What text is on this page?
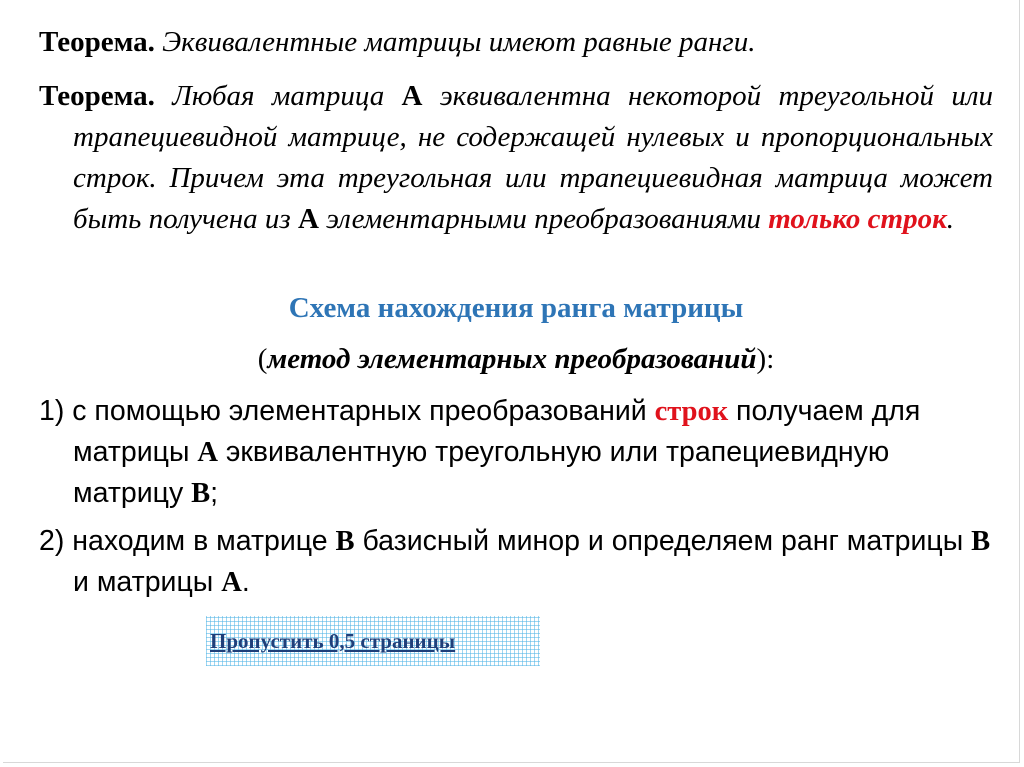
Теорема. Эквивалентные матрицы имеют равные ранги.

Теорема. Любая матрица А эквивалентна некоторой треугольной или трапециевидной матрице, не содержащей нулевых и пропорциональных строк. Причем эта треугольная или трапециевидная матрица может быть получена из А элементарными преобразованиями только строк.

Схема нахождения ранга матрицы

(метод элементарных преобразований):

1) с помощью элементарных преобразований строк получаем для матрицы А эквивалентную треугольную или трапециевидную матрицу В;

2) находим в матрице В базисный минор и определяем ранг матрицы В и матрицы А.

Пропустить 0,5 страницы
